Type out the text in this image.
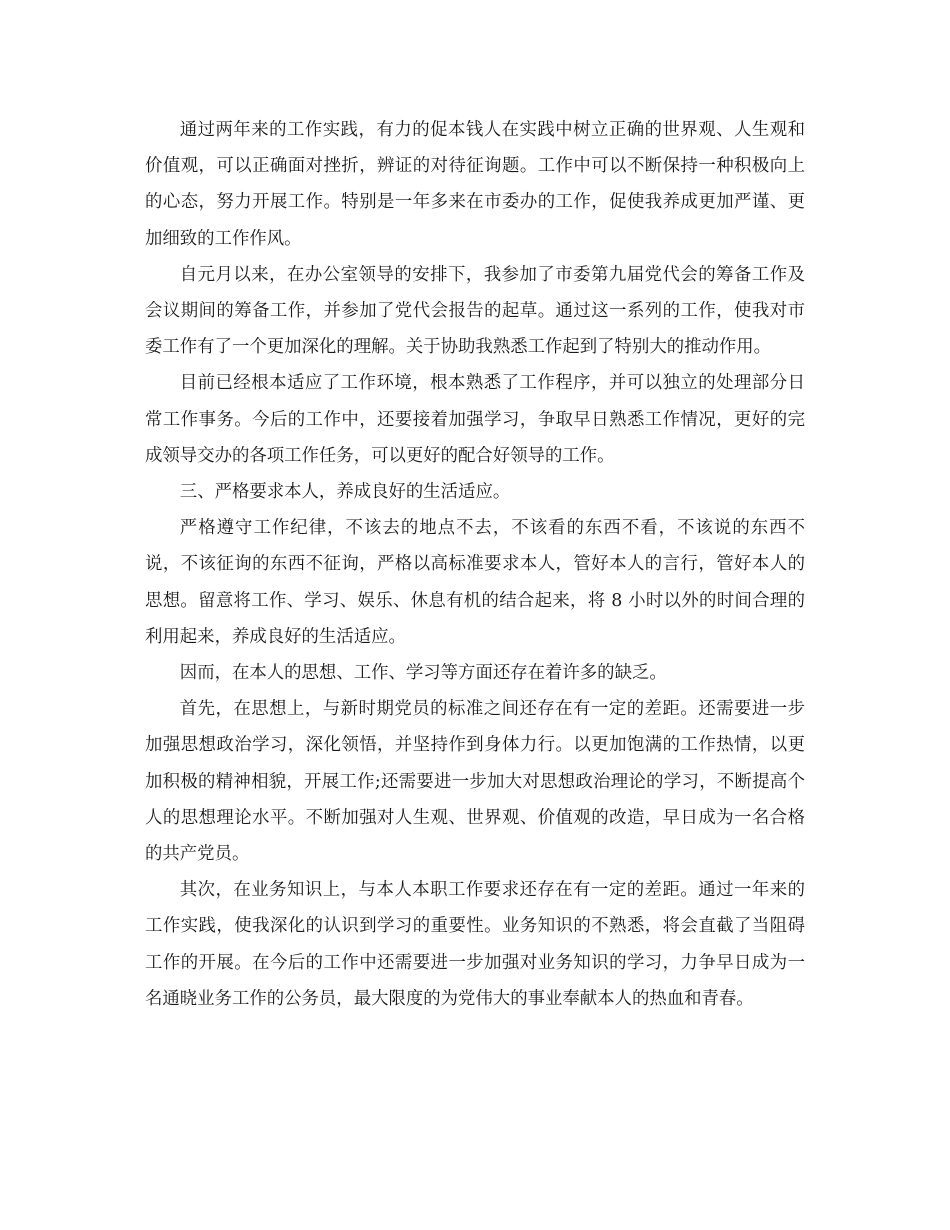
通过两年来的工作实践，有力的促本钱人在实践中树立正确的世界观、人生观和价值观，可以正确面对挫折，辨证的对待征询题。工作中可以不断保持一种积极向上的心态，努力开展工作。特别是一年多来在市委办的工作，促使我养成更加严谨、更加细致的工作作风。

自元月以来，在办公室领导的安排下，我参加了市委第九届党代会的筹备工作及会议期间的筹备工作，并参加了党代会报告的起草。通过这一系列的工作，使我对市委工作有了一个更加深化的理解。关于协助我熟悉工作起到了特别大的推动作用。

目前已经根本适应了工作环境，根本熟悉了工作程序，并可以独立的处理部分日常工作事务。今后的工作中，还要接着加强学习，争取早日熟悉工作情况，更好的完成领导交办的各项工作任务，可以更好的配合好领导的工作。

三、严格要求本人，养成良好的生活适应。

严格遵守工作纪律，不该去的地点不去，不该看的东西不看，不该说的东西不说，不该征询的东西不征询，严格以高标准要求本人，管好本人的言行，管好本人的思想。留意将工作、学习、娱乐、休息有机的结合起来，将 8 小时以外的时间合理的利用起来，养成良好的生活适应。

因而，在本人的思想、工作、学习等方面还存在着许多的缺乏。

首先，在思想上，与新时期党员的标准之间还存在有一定的差距。还需要进一步加强思想政治学习，深化领悟，并坚持作到身体力行。以更加饱满的工作热情，以更加积极的精神相貌，开展工作;还需要进一步加大对思想政治理论的学习，不断提高个人的思想理论水平。不断加强对人生观、世界观、价值观的改造，早日成为一名合格的共产党员。

其次，在业务知识上，与本人本职工作要求还存在有一定的差距。通过一年来的工作实践，使我深化的认识到学习的重要性。业务知识的不熟悉，将会直截了当阻碍工作的开展。在今后的工作中还需要进一步加强对业务知识的学习，力争早日成为一名通晓业务工作的公务员，最大限度的为党伟大的事业奉献本人的热血和青春。
